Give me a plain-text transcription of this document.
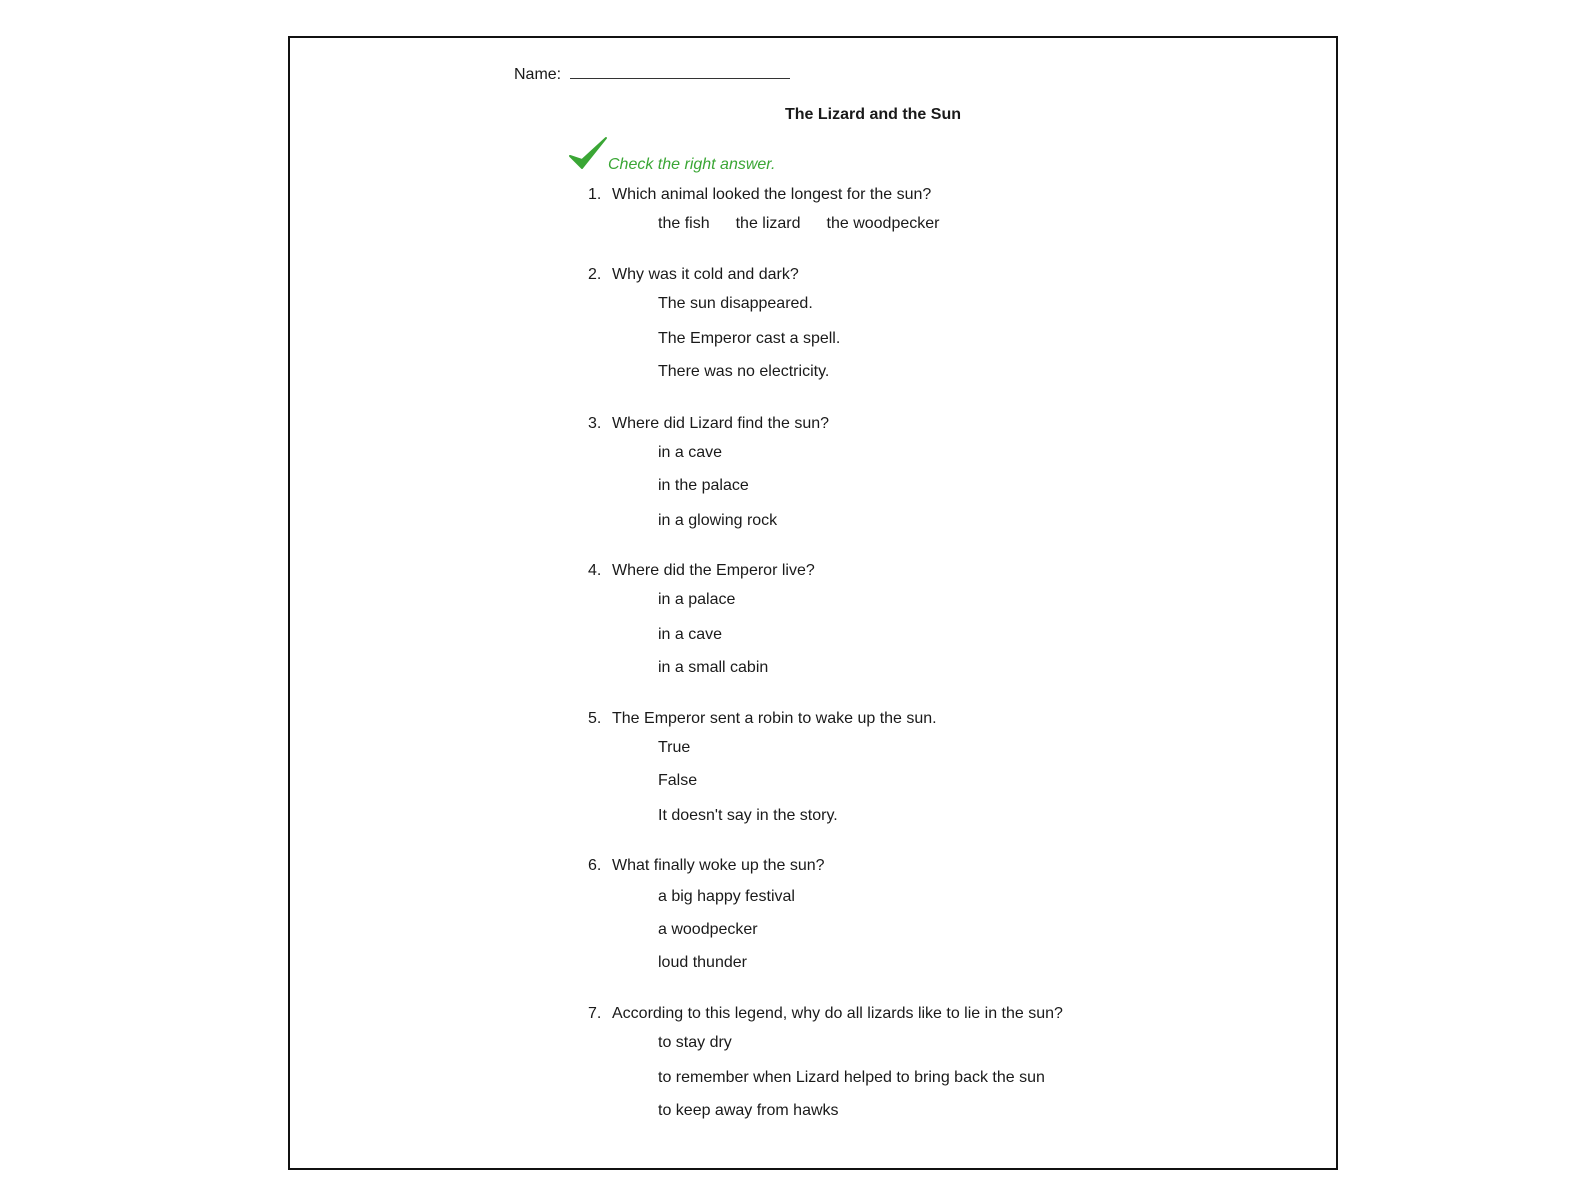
Name:
The Lizard and the Sun
Check the right answer.
1. Which animal looked the longest for the sun?
the fish the lizard the woodpecker
2. Why was it cold and dark?
The sun disappeared.
The Emperor cast a spell.
There was no electricity.
3. Where did Lizard find the sun?
in a cave
in the palace
in a glowing rock
4. Where did the Emperor live?
in a palace
in a cave
in a small cabin
5. The Emperor sent a robin to wake up the sun.
True
False
It doesn't say in the story.
6. What finally woke up the sun?
a big happy festival
a woodpecker
loud thunder
7. According to this legend, why do all lizards like to lie in the sun?
to stay dry
to remember when Lizard helped to bring back the sun
to keep away from hawks
